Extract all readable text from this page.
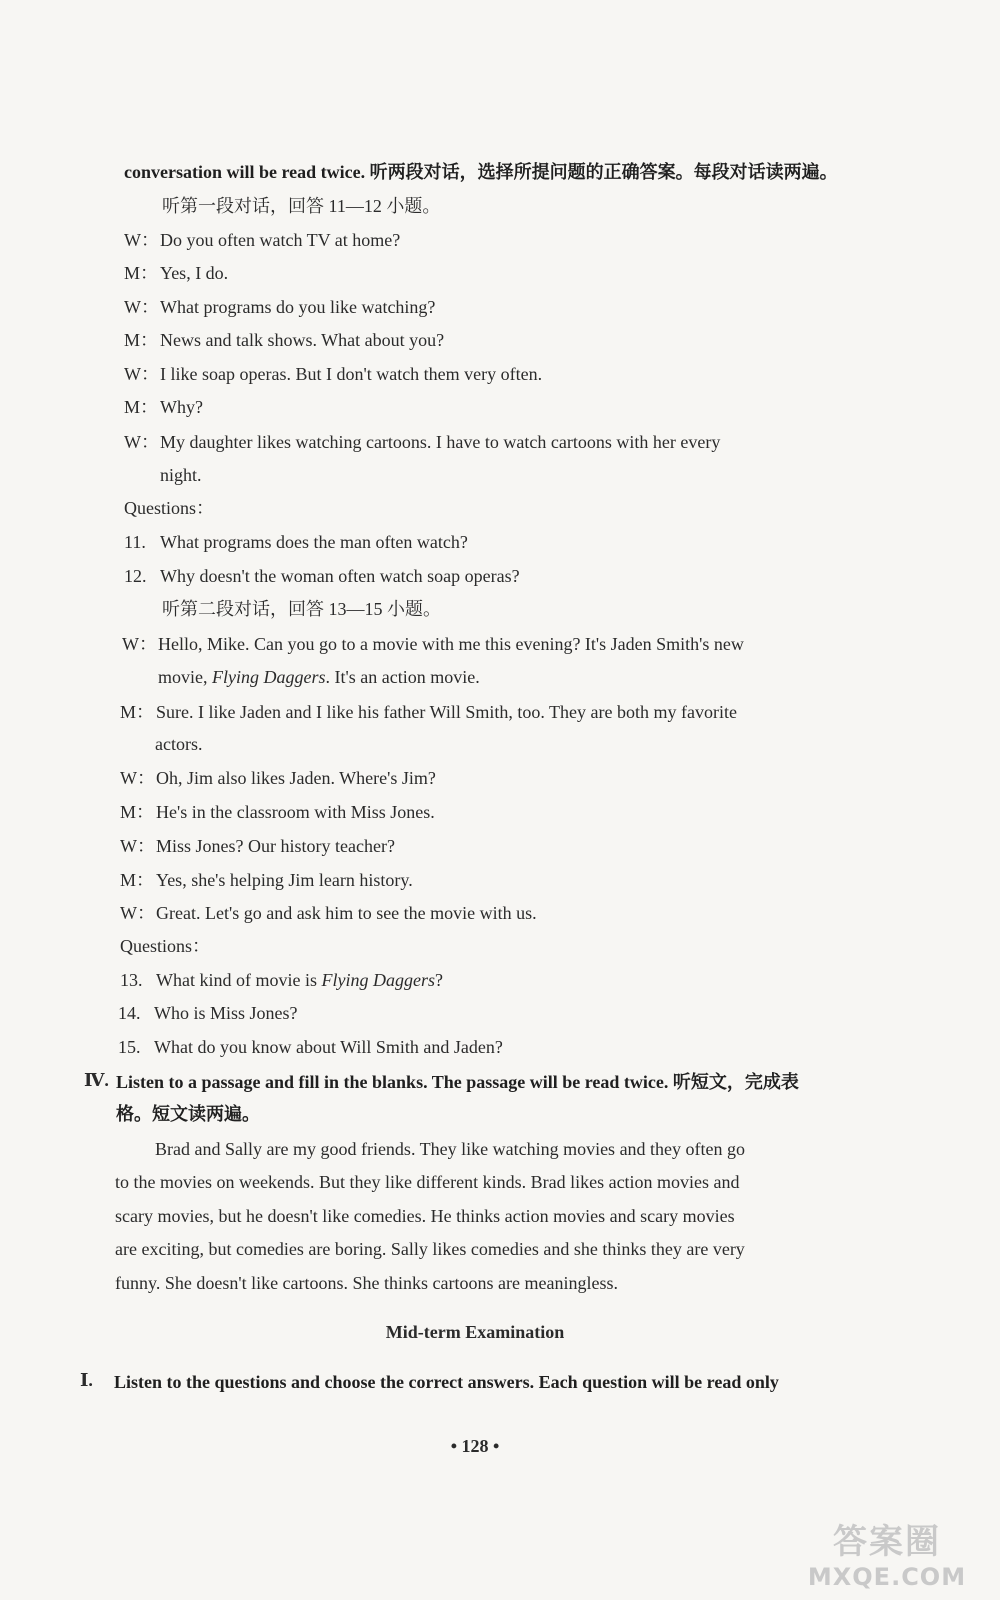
conversation will be read twice. 听两段对话，选择所提问题的正确答案。每段对话读两遍。
听第一段对话，回答 11—12 小题。
W：Do you often watch TV at home?
M： Yes, I do.
W：What programs do you like watching?
M： News and talk shows. What about you?
W：I like soap operas. But I don't watch them very often.
M： Why?
W：My daughter likes watching cartoons. I have to watch cartoons with her every
night.
Questions：
11. What programs does the man often watch?
12. Why doesn't the woman often watch soap operas?
听第二段对话，回答 13—15 小题。
W：Hello, Mike. Can you go to a movie with me this evening? It's Jaden Smith's new
movie, Flying Daggers. It's an action movie.
M： Sure. I like Jaden and I like his father Will Smith, too. They are both my favorite
actors.
W：Oh, Jim also likes Jaden. Where's Jim?
M： He's in the classroom with Miss Jones.
W：Miss Jones? Our history teacher?
M： Yes, she's helping Jim learn history.
W：Great. Let's go and ask him to see the movie with us.
Questions：
13. What kind of movie is Flying Daggers?
14. Who is Miss Jones?
15. What do you know about Will Smith and Jaden?
Ⅳ. Listen to a passage and fill in the blanks. The passage will be read twice. 听短文，完成表
格。短文读两遍。
Brad and Sally are my good friends. They like watching movies and they often go
to the movies on weekends. But they like different kinds. Brad likes action movies and
scary movies, but he doesn't like comedies. He thinks action movies and scary movies
are exciting, but comedies are boring. Sally likes comedies and she thinks they are very
funny. She doesn't like cartoons. She thinks cartoons are meaningless.
Mid-term Examination
Ⅰ. Listen to the questions and choose the correct answers. Each question will be read only
• 128 •
答案圈
MXQE.COM
